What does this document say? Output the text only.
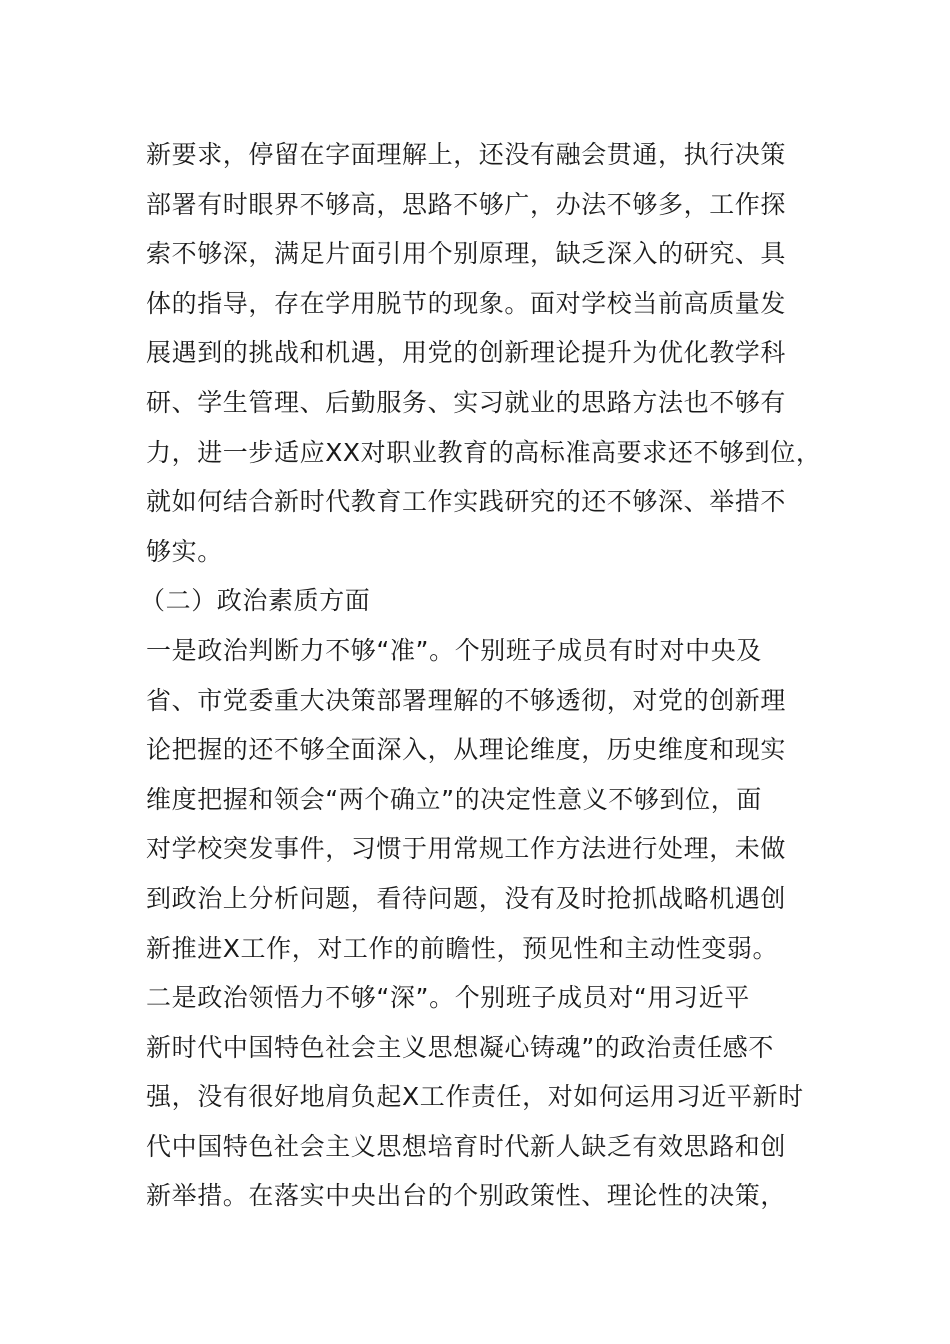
新要求，停留在字面理解上，还没有融会贯通，执行决策
部署有时眼界不够高，思路不够广，办法不够多，工作探
索不够深，满足片面引用个别原理，缺乏深入的研究、具
体的指导，存在学用脱节的现象。面对学校当前高质量发
展遇到的挑战和机遇，用党的创新理论提升为优化教学科
研、学生管理、后勤服务、实习就业的思路方法也不够有
力，进一步适应XX对职业教育的高标准高要求还不够到位，
就如何结合新时代教育工作实践研究的还不够深、举措不
够实。
（二）政治素质方面
一是政治判断力不够“准”。个别班子成员有时对中央及
省、市党委重大决策部署理解的不够透彻，对党的创新理
论把握的还不够全面深入，从理论维度，历史维度和现实
维度把握和领会“两个确立”的决定性意义不够到位，面
对学校突发事件，习惯于用常规工作方法进行处理，未做
到政治上分析问题，看待问题，没有及时抢抓战略机遇创
新推进X工作，对工作的前瞻性，预见性和主动性变弱。
二是政治领悟力不够“深”。个别班子成员对“用习近平
新时代中国特色社会主义思想凝心铸魂”的政治责任感不
强，没有很好地肩负起X工作责任，对如何运用习近平新时
代中国特色社会主义思想培育时代新人缺乏有效思路和创
新举措。在落实中央出台的个别政策性、理论性的决策，
